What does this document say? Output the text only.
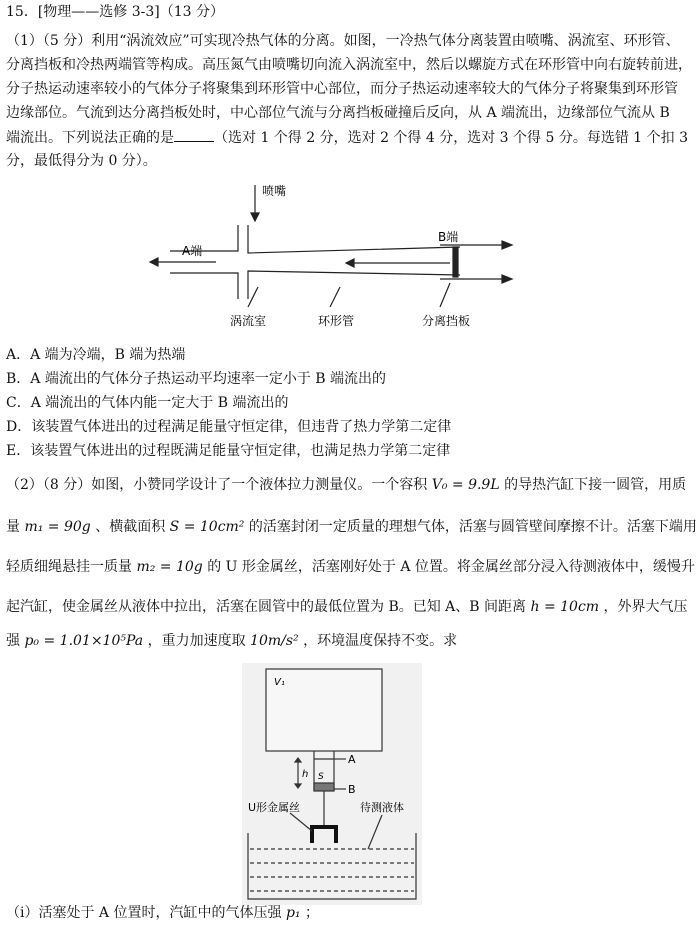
15．[物理——选修 3-3]（13 分）
（1）（5 分）利用“涡流效应”可实现冷热气体的分离。如图，一冷热气体分离装置由喷嘴、涡流室、环形管、
分离挡板和冷热两端管等构成。高压氮气由喷嘴切向流入涡流室中，然后以螺旋方式在环形管中向右旋转前进，
分子热运动速率较小的气体分子将聚集到环形管中心部位，而分子热运动速率较大的气体分子将聚集到环形管
边缘部位。气流到达分离挡板处时，中心部位气流与分离挡板碰撞后反向，从 A 端流出，边缘部位气流从 B
端流出。下列说法正确的是	（选对 1 个得 2 分，选对 2 个得 4 分，选对 3 个得 5 分。每选错 1 个扣 3
分，最低得分为 0 分）。
喷嘴
A端
B端
涡流室	环形管	分离挡板
A．A 端为冷端，B 端为热端
B．A 端流出的气体分子热运动平均速率一定小于 B 端流出的
C．A 端流出的气体内能一定大于 B 端流出的
D．该装置气体进出的过程满足能量守恒定律，但违背了热力学第二定律
E．该装置气体进出的过程既满足能量守恒定律，也满足热力学第二定律
（2）（8 分）如图，小赞同学设计了一个液体拉力测量仪。一个容积 V₀ = 9.9L 的导热汽缸下接一圆管，用质
量 m₁ = 90g 、横截面积 S = 10cm² 的活塞封闭一定质量的理想气体，活塞与圆管壁间摩擦不计。活塞下端用
轻质细绳悬挂一质量 m₂ = 10g 的 U 形金属丝，活塞刚好处于 A 位置。将金属丝部分浸入待测液体中，缓慢升
起汽缸，使金属丝从液体中拉出，活塞在圆管中的最低位置为 B。已知 A、B 间距离 h = 10cm ，外界大气压
强 p₀ = 1.01×10⁵Pa ，重力加速度取 10m/s² ，环境温度保持不变。求
V₁
A
B
h S
U形金属丝	待测液体
（i）活塞处于 A 位置时，汽缸中的气体压强 p₁ ；
